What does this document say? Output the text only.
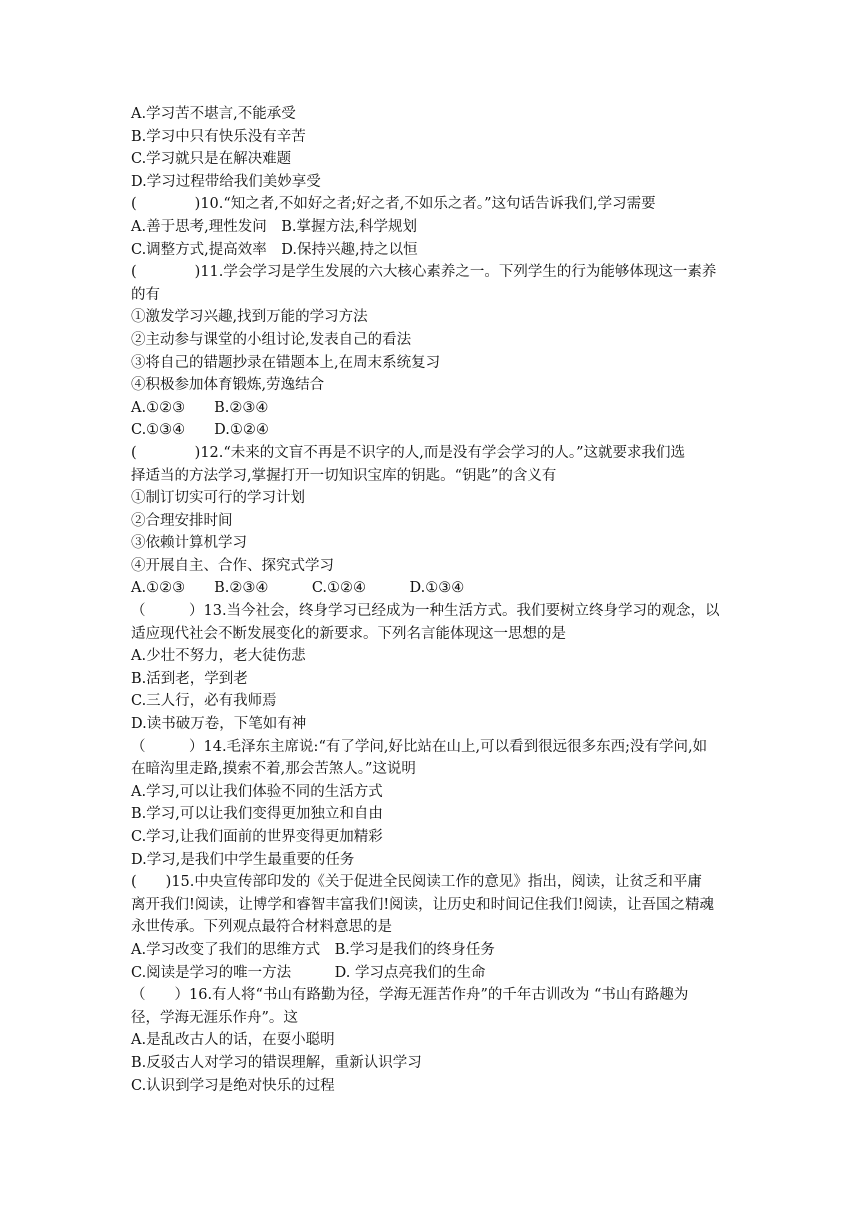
A.学习苦不堪言,不能承受
B.学习中只有快乐没有辛苦
C.学习就只是在解决难题
D.学习过程带给我们美妙享受
(　　　　)10.“知之者,不如好之者;好之者,不如乐之者。”这句话告诉我们,学习需要
A.善于思考,理性发问　B.掌握方法,科学规划
C.调整方式,提高效率　D.保持兴趣,持之以恒
(　　　　)11.学会学习是学生发展的六大核心素养之一。下列学生的行为能够体现这一素养
的有
①激发学习兴趣,找到万能的学习方法
②主动参与课堂的小组讨论,发表自己的看法
③将自己的错题抄录在错题本上,在周末系统复习
④积极参加体育锻炼,劳逸结合
A.①②③　　B.②③④
C.①③④　　D.①②④
(　　　　)12.“未来的文盲不再是不识字的人,而是没有学会学习的人。”这就要求我们选
择适当的方法学习,掌握打开一切知识宝库的钥匙。“钥匙”的含义有
①制订切实可行的学习计划
②合理安排时间
③依赖计算机学习
④开展自主、合作、探究式学习
A.①②③　　B.②③④　　　C.①②④　　　D.①③④
（　　　）13.当今社会，终身学习已经成为一种生活方式。我们要树立终身学习的观念，以
适应现代社会不断发展变化的新要求。下列名言能体现这一思想的是
A.少壮不努力，老大徒伤悲
B.活到老，学到老
C.三人行，必有我师焉
D.读书破万卷，下笔如有神
（　　　）14.毛泽东主席说:“有了学问,好比站在山上,可以看到很远很多东西;没有学问,如
在暗沟里走路,摸索不着,那会苦煞人。”这说明
A.学习,可以让我们体验不同的生活方式
B.学习,可以让我们变得更加独立和自由
C.学习,让我们面前的世界变得更加精彩
D.学习,是我们中学生最重要的任务
(　　)15.中央宣传部印发的《关于促进全民阅读工作的意见》指出，阅读，让贫乏和平庸
离开我们!阅读，让博学和睿智丰富我们!阅读，让历史和时间记住我们!阅读，让吾国之精魂
永世传承。下列观点最符合材料意思的是
A.学习改变了我们的思维方式　B.学习是我们的终身任务
C.阅读是学习的唯一方法　　　D. 学习点亮我们的生命
（　　）16.有人将“书山有路勤为径，学海无涯苦作舟”的千年古训改为 “书山有路趣为
径，学海无涯乐作舟”。这
A.是乱改古人的话，在耍小聪明
B.反驳古人对学习的错误理解，重新认识学习
C.认识到学习是绝对快乐的过程
